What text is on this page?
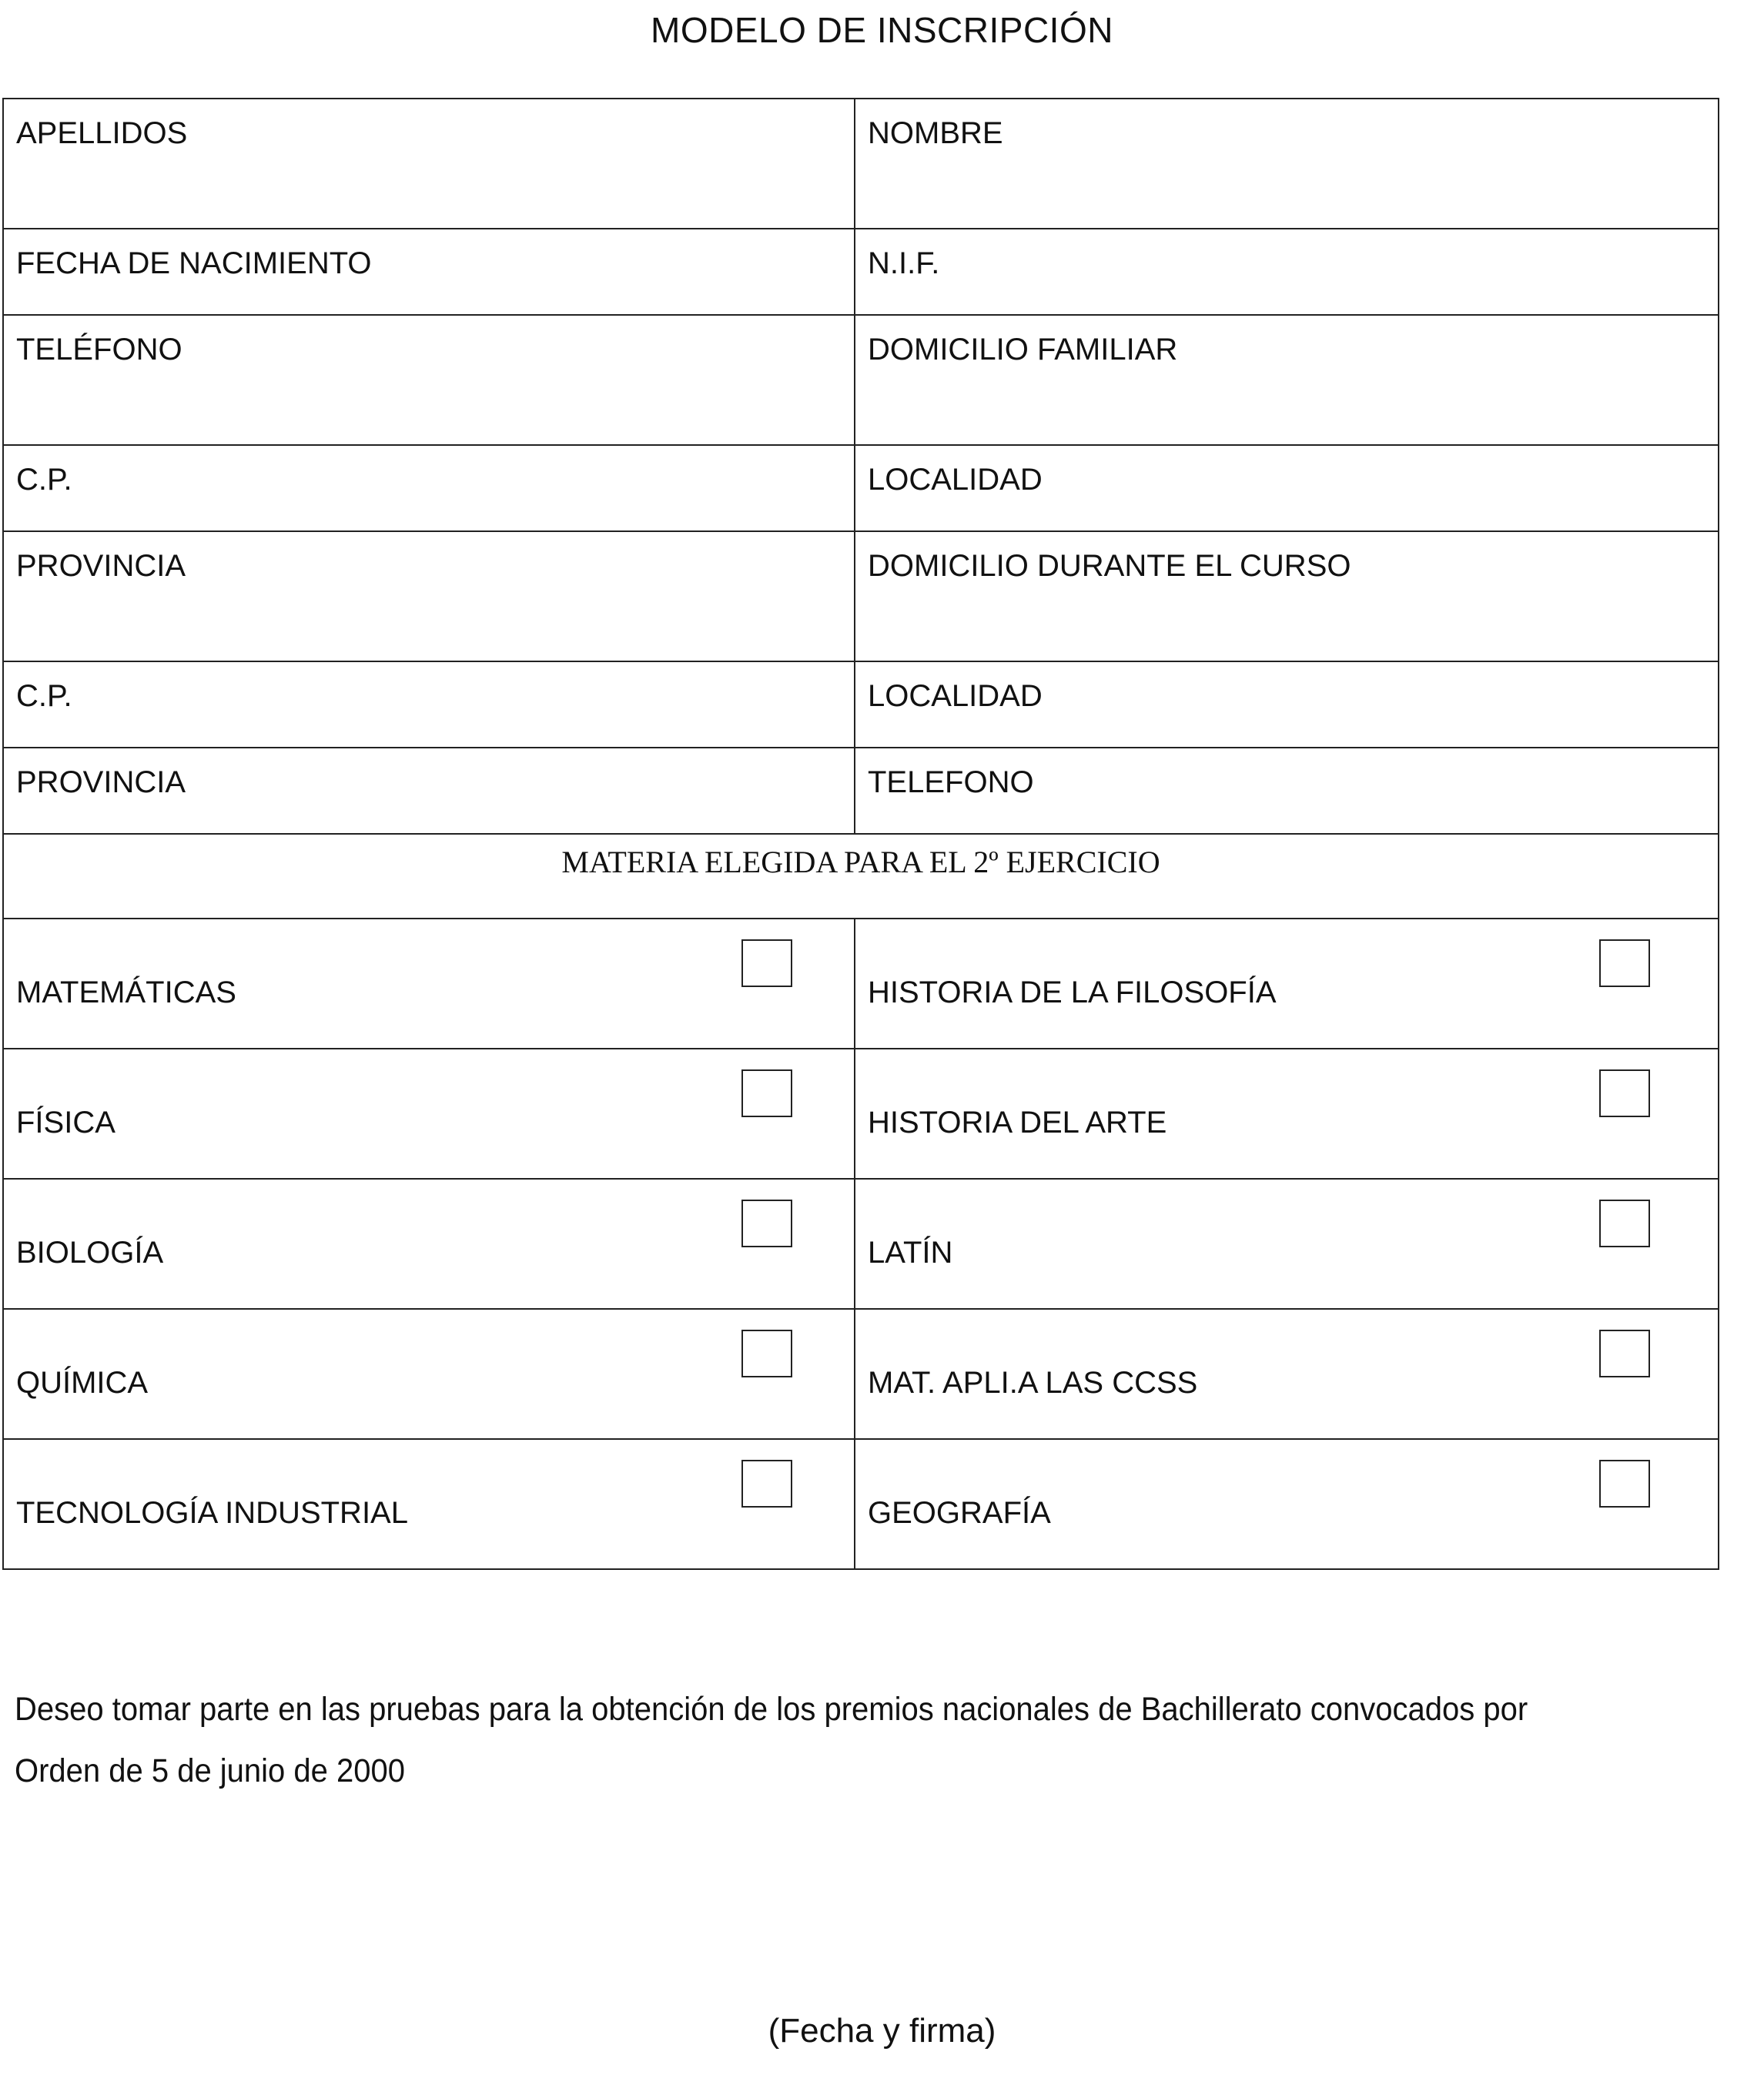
MODELO DE INSCRIPCIÓN
APELLIDOS	NOMBRE
FECHA DE NACIMIENTO	N.I.F.
TELÉFONO	DOMICILIO FAMILIAR
C.P.	LOCALIDAD
PROVINCIA	DOMICILIO DURANTE EL CURSO
C.P.	LOCALIDAD
PROVINCIA	TELEFONO
MATERIA ELEGIDA PARA EL 2º EJERCICIO	

MATEMÁTICAS	HISTORIA DE LA FILOSOFÍA

FÍSICA	HISTORIA DEL ARTE

BIOLOGÍA	LATÍN

QUÍMICA	MAT. APLI.A LAS CCSS

TECNOLOGÍA INDUSTRIAL	GEOGRAFÍA

Deseo tomar parte en las pruebas para la obtención de los premios nacionales de Bachillerato convocados por
Orden de 5 de junio de 2000

(Fecha y firma)
